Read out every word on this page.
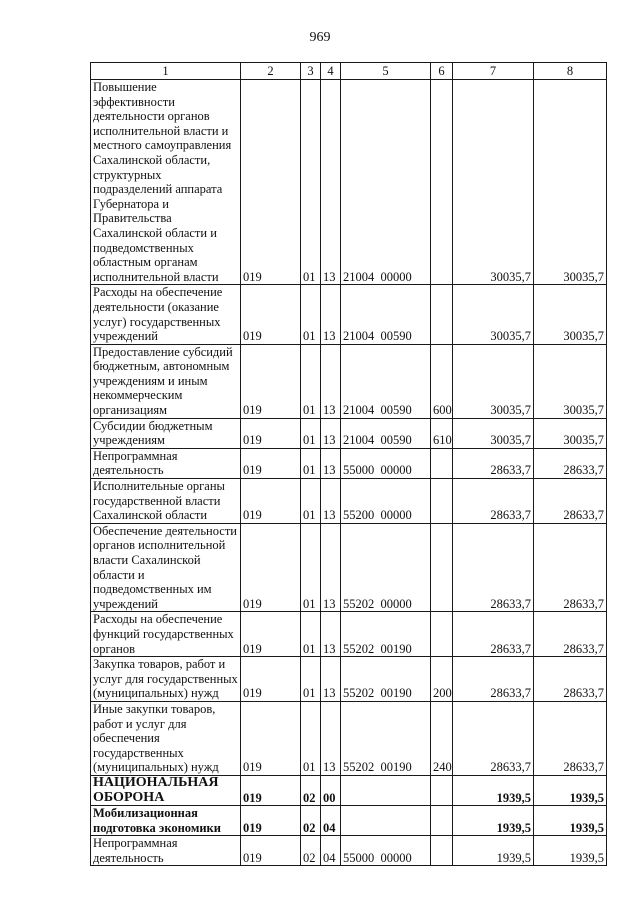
969
1	2	3	4	5	6	7	8
Повышение эффективности деятельности органов исполнительной власти и местного самоуправления Сахалинской области, структурных подразделений аппарата Губернатора и Правительства Сахалинской области и подведомственных областным органам исполнительной власти	019	01	13	21004  00000		30035,7	30035,7
Расходы на обеспечение деятельности (оказание услуг) государственных учреждений	019	01	13	21004  00590		30035,7	30035,7
Предоставление субсидий бюджетным, автономным учреждениям и иным некоммерческим организациям	019	01	13	21004  00590	600	30035,7	30035,7
Субсидии бюджетным учреждениям	019	01	13	21004  00590	610	30035,7	30035,7
Непрограммная деятельность	019	01	13	55000  00000		28633,7	28633,7
Исполнительные органы государственной власти Сахалинской области	019	01	13	55200  00000		28633,7	28633,7
Обеспечение деятельности органов исполнительной власти Сахалинской области и подведомственных им учреждений	019	01	13	55202  00000		28633,7	28633,7
Расходы на обеспечение функций государственных органов	019	01	13	55202  00190		28633,7	28633,7
Закупка товаров, работ и услуг для государственных (муниципальных) нужд	019	01	13	55202  00190	200	28633,7	28633,7
Иные закупки товаров, работ и услуг для обеспечения государственных (муниципальных) нужд	019	01	13	55202  00190	240	28633,7	28633,7
НАЦИОНАЛЬНАЯ ОБОРОНА	019	02	00			1939,5	1939,5
Мобилизационная подготовка экономики	019	02	04			1939,5	1939,5
Непрограммная деятельность	019	02	04	55000  00000		1939,5	1939,5
